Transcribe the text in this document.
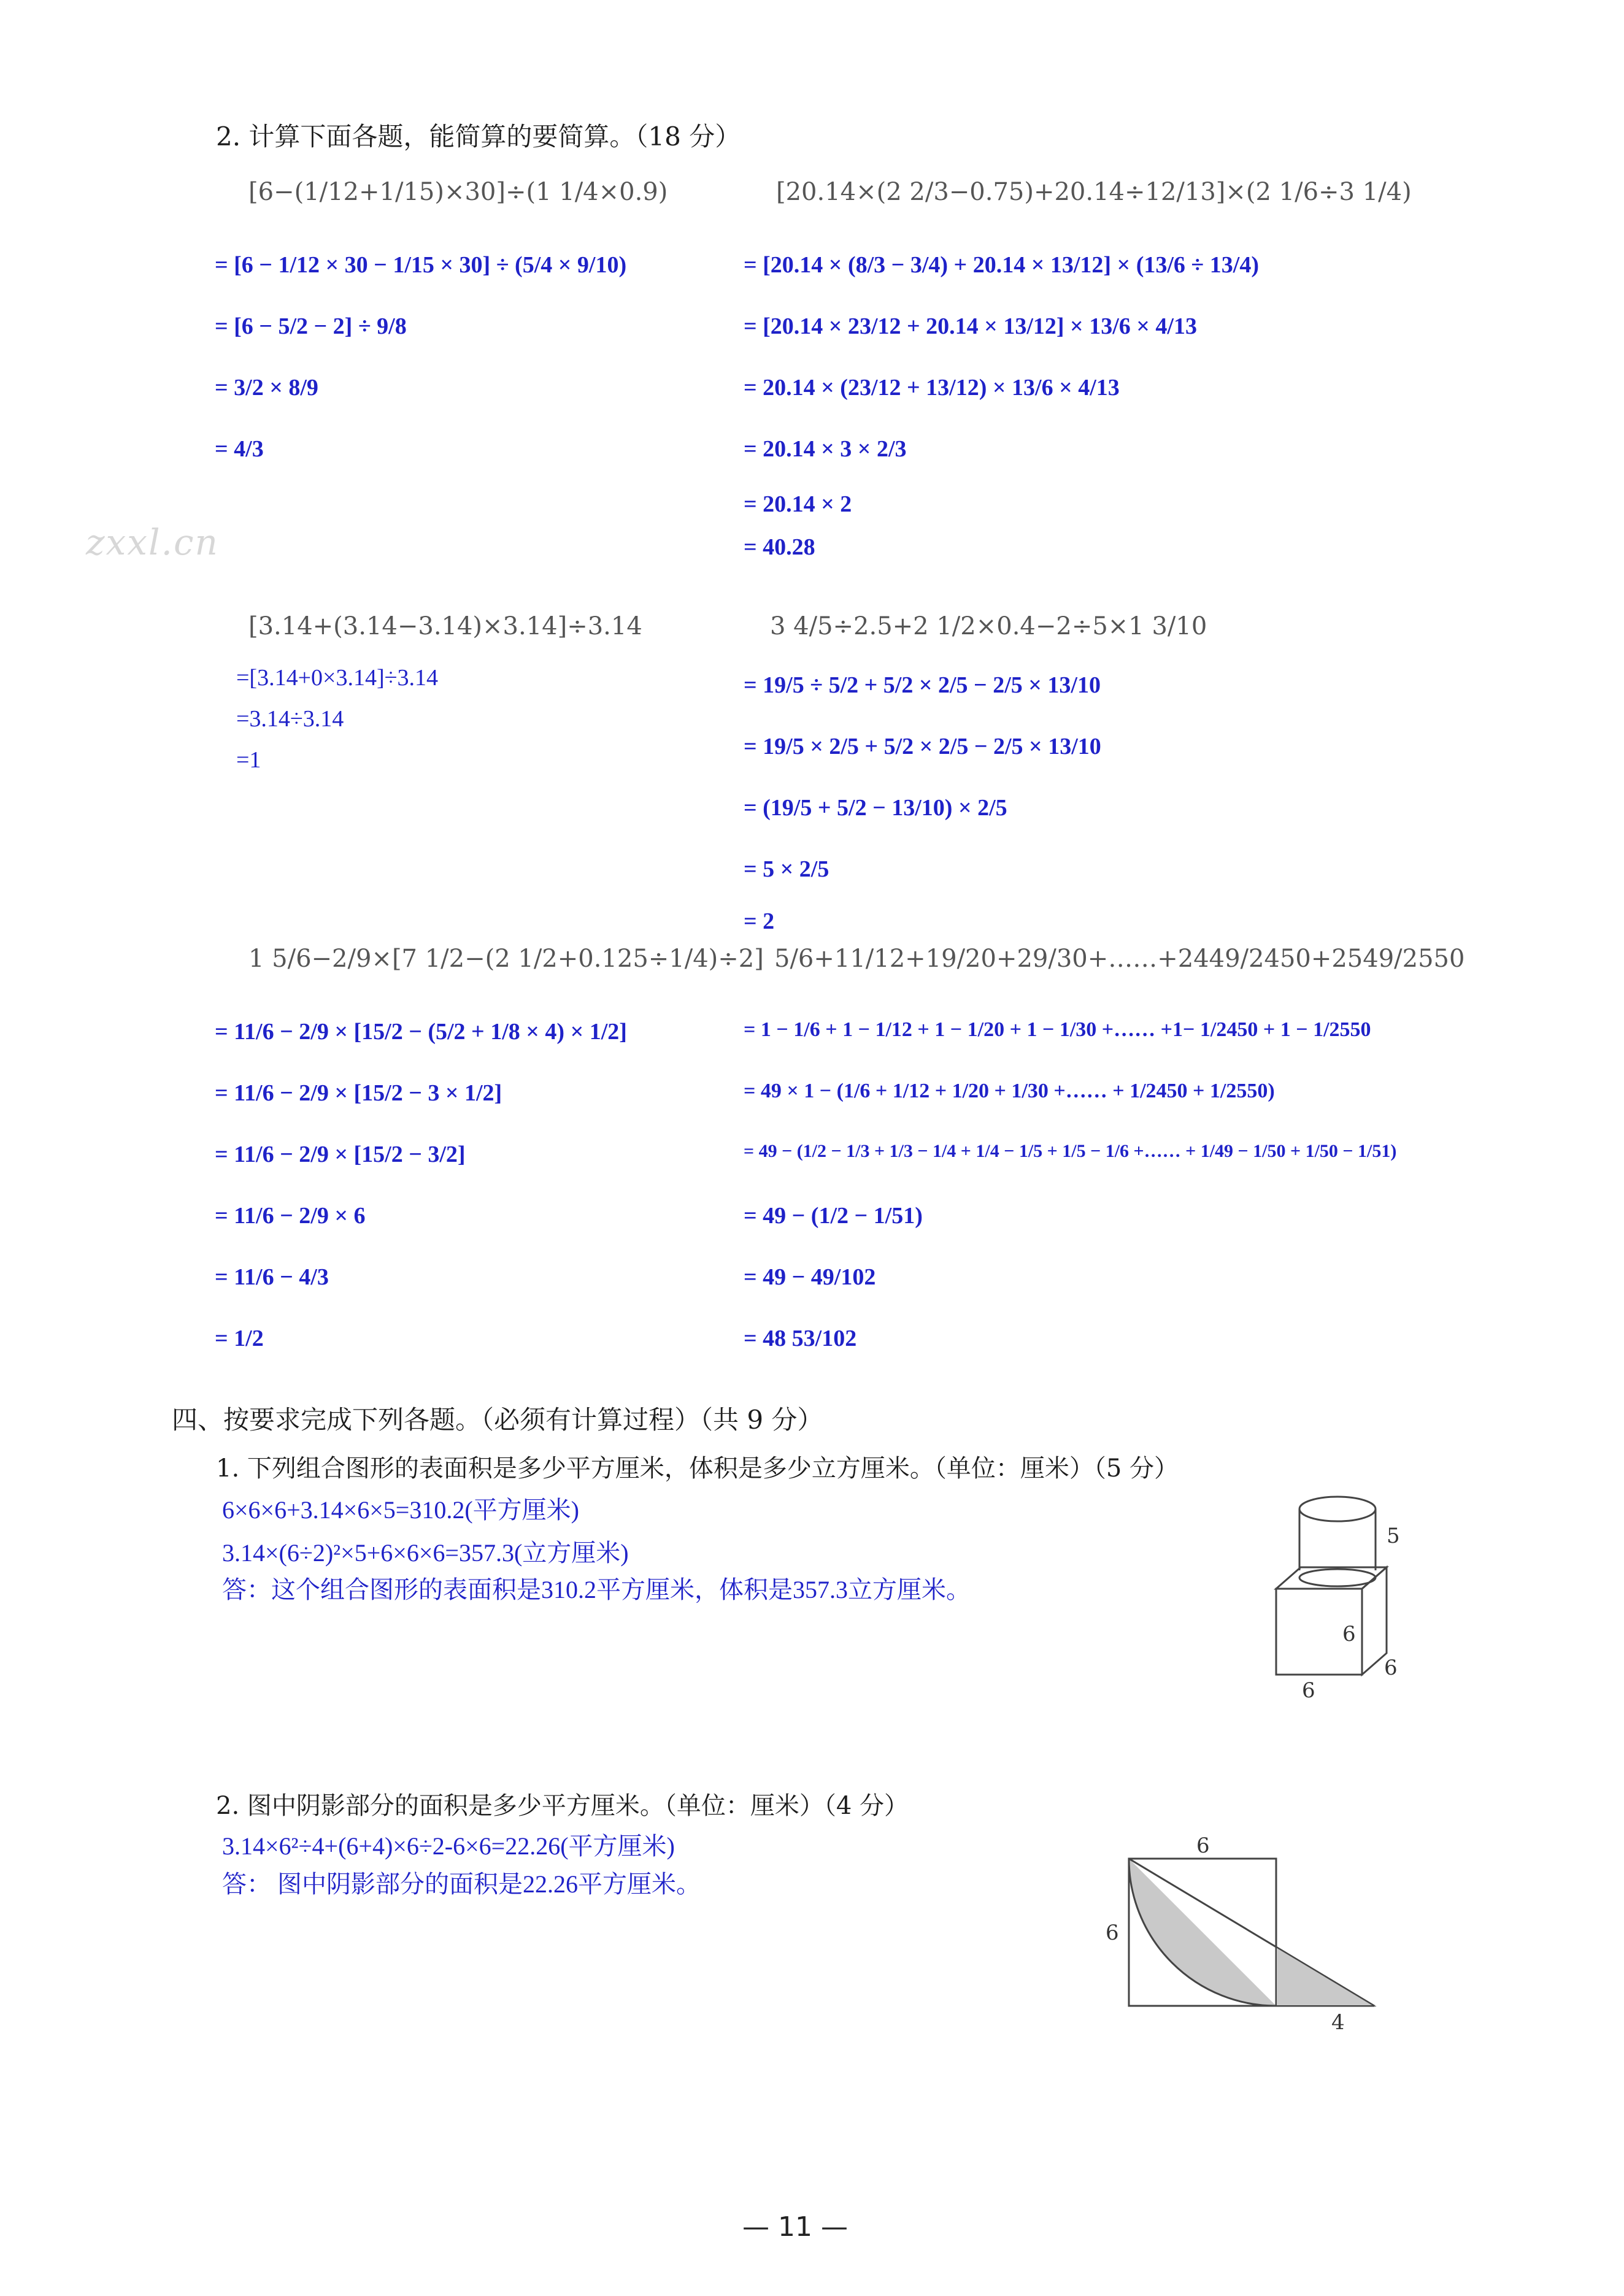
2. 计算下面各题，能简算的要简算。（18 分）
zxxl.cn
[6−(1/12+1/15)×30]÷(1 1/4×0.9)
= [6 − 1/12 × 30 − 1/15 × 30] ÷ (5/4 × 9/10)
= [6 − 5/2 − 2] ÷ 9/8
= 3/2 × 8/9
= 4/3
[20.14×(2 2/3−0.75)+20.14÷12/13]×(2 1/6÷3 1/4)
= [20.14 × (8/3 − 3/4) + 20.14 × 13/12] × (13/6 ÷ 13/4)
= [20.14 × 23/12 + 20.14 × 13/12] × 13/6 × 4/13
= 20.14 × (23/12 + 13/12) × 13/6 × 4/13
= 20.14 × 3 × 2/3
= 20.14 × 2
= 40.28
[3.14+(3.14−3.14)×3.14]÷3.14
=[3.14+0×3.14]÷3.14
=3.14÷3.14
=1
3 4/5÷2.5+2 1/2×0.4−2÷5×1 3/10
= 19/5 ÷ 5/2 + 5/2 × 2/5 − 2/5 × 13/10
= 19/5 × 2/5 + 5/2 × 2/5 − 2/5 × 13/10
= (19/5 + 5/2 − 13/10) × 2/5
= 5 × 2/5
= 2
1 5/6−2/9×[7 1/2−(2 1/2+0.125÷1/4)÷2]
= 11/6 − 2/9 × [15/2 − (5/2 + 1/8 × 4) × 1/2]
= 11/6 − 2/9 × [15/2 − 3 × 1/2]
= 11/6 − 2/9 × [15/2 − 3/2]
= 11/6 − 2/9 × 6
= 11/6 − 4/3
= 1/2
5/6+11/12+19/20+29/30+……+2449/2450+2549/2550
= 1 − 1/6 + 1 − 1/12 + 1 − 1/20 + 1 − 1/30 +…… +1− 1/2450 + 1 − 1/2550
= 49 × 1 − (1/6 + 1/12 + 1/20 + 1/30 +…… + 1/2450 + 1/2550)
= 49 − (1/2 − 1/3 + 1/3 − 1/4 + 1/4 − 1/5 + 1/5 − 1/6 +…… + 1/49 − 1/50 + 1/50 − 1/51)
= 49 − (1/2 − 1/51)
= 49 − 49/102
= 48 53/102
四、按要求完成下列各题。（必须有计算过程）（共 9 分）
1. 下列组合图形的表面积是多少平方厘米，体积是多少立方厘米。（单位：厘米）（5 分）
6×6×6+3.14×6×5=310.2(平方厘米)
3.14×(6÷2)²×5+6×6×6=357.3(立方厘米)
答：这个组合图形的表面积是310.2平方厘米，体积是357.3立方厘米。
5
6
6
6
2. 图中阴影部分的面积是多少平方厘米。（单位：厘米）（4 分）
3.14×6²÷4+(6+4)×6÷2-6×6=22.26(平方厘米)
答： 图中阴影部分的面积是22.26平方厘米。
6
6
4
— 11 —
